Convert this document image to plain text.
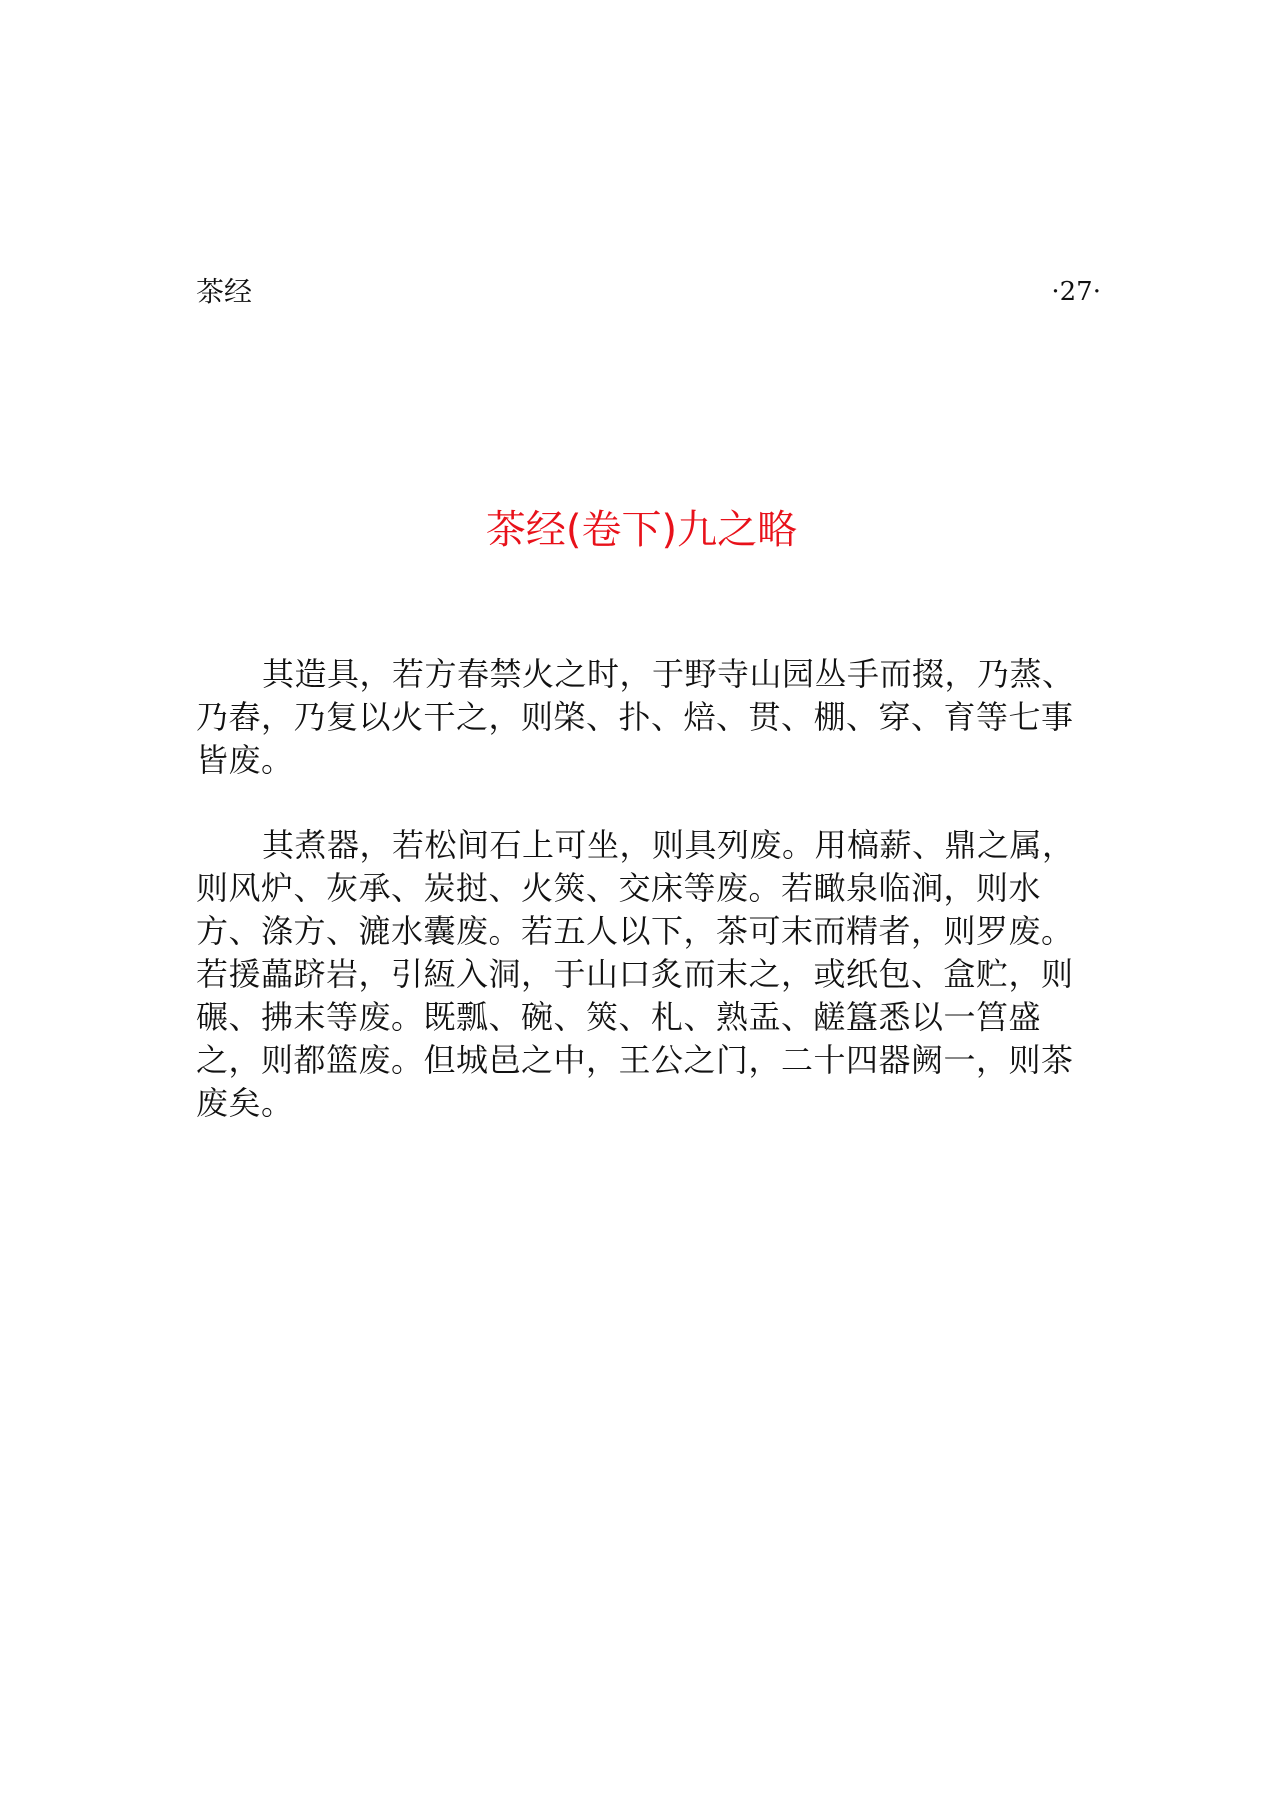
茶经	·27·
茶经(卷下)九之略

其造具，若方春禁火之时，于野寺山园丛手而掇，乃蒸、乃舂，乃复以火干之，则棨、扑、焙、贯、棚、穿、育等七事皆废。

其煮器，若松间石上可坐，则具列废。用槁薪、鼎之属，则风炉、灰承、炭挝、火筴、交床等废。若瞰泉临涧，则水方、涤方、漉水囊废。若五人以下，茶可末而精者，则罗废。若援藟跻岩，引絚入洞，于山口炙而末之，或纸包、盒贮，则碾、拂末等废。既瓢、碗、筴、札、熟盂、鹾簋悉以一筥盛之，则都篮废。但城邑之中，王公之门，二十四器阙一，则茶废矣。
